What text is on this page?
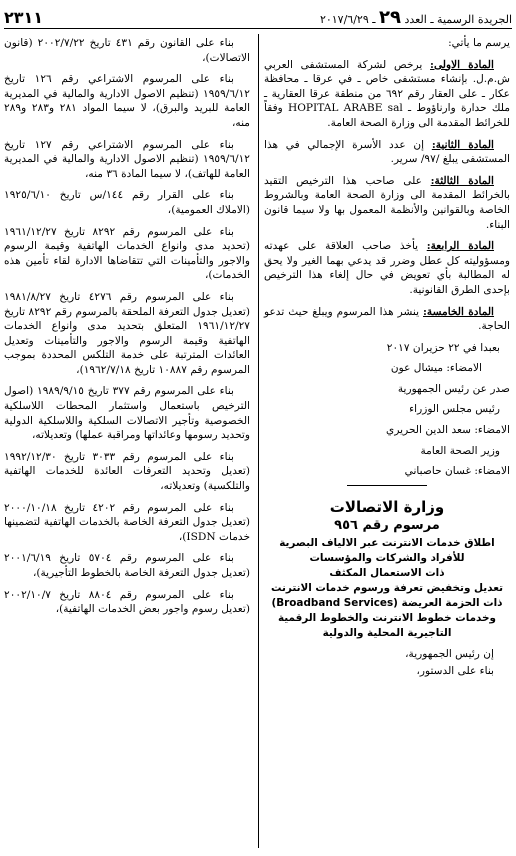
الجريدة الرسمية ـ العدد ٢٩ ـ ٢٠١٧/٦/٢٩
٢٣١١

يرسم ما يأتي:

المادة الاولى: يرخص لشركة المستشفى العربي ش.م.ل. بإنشاء مستشفى خاص ـ في عرقا ـ محافظة عكار ـ على العقار رقم ٦٩٢ من منطقة عرقا العقارية ـ ملك حدارة وارناؤوط ـ HOPITAL ARABE sal وفقاً للخرائط المقدمة الى وزارة الصحة العامة.

المادة الثانية: إن عدد الأسرة الإجمالي في هذا المستشفى يبلغ /٩٧/ سرير.

المادة الثالثة: على صاحب هذا الترخيص التقيد بالخرائط المقدمة الى وزارة الصحة العامة وبالشروط الخاصة وبالقوانين والأنظمة المعمول بها ولا سيما قانون البناء.

المادة الرابعة: يأخذ صاحب العلاقة على عهدته ومسؤوليته كل عطل وضرر قد يدعي بهما الغير ولا يحق له المطالبة بأي تعويض في حال إلغاء هذا الترخيص بإحدى الطرق القانونية.

المادة الخامسة: ينشر هذا المرسوم ويبلغ حيث تدعو الحاجة.

بعبدا في ٢٢ حزيران ٢٠١٧
الامضاء: ميشال عون
صدر عن رئيس الجمهورية
رئيس مجلس الوزراء
الامضاء: سعد الدين الحريري
وزير الصحة العامة
الامضاء: غسان حاصباني
وزارة الاتصالات
مرسوم رقم ٩٥٦
اطلاق خدمات الانترنت عبر الالياف البصرية
للأفراد والشركات والمؤسسات
ذات الاستعمال المكثف
تعديل وتخفيض تعرفة ورسوم خدمات الانترنت
ذات الحزمة العريضة (Broadband Services)
وخدمات خطوط الانترنت والخطوط الرقمية
التاجيرية المحلية والدولية

إن رئيس الجمهورية،

بناء على الدستور،

بناء على القانون رقم ٤٣١ تاريخ ٢٠٠٢/٧/٢٢ (قانون الاتصالات)،

بناء على المرسوم الاشتراعي رقم ١٢٦ تاريخ ١٩٥٩/٦/١٢ (تنظيم الاصول الادارية والمالية في المديرية العامة للبريد والبرق)، لا سيما المواد ٢٨١ و٢٨٣ و٢٨٩ منه،

بناء على المرسوم الاشتراعي رقم ١٢٧ تاريخ ١٩٥٩/٦/١٢ (تنظيم الاصول الادارية والمالية في المديرية العامة للهاتف)، لا سيما المادة ٣٦ منه،

بناء على القرار رقم ١٤٤/س تاريخ ١٩٢٥/٦/١٠ (الاملاك العمومية)،

بناء على المرسوم رقم ٨٢٩٢ تاريخ ١٩٦١/١٢/٢٧ (تحديد مدى وانواع الخدمات الهاتفية وقيمة الرسوم والاجور والتأمينات التي تتقاضاها الادارة لقاء تأمين هذه الخدمات)،

بناء على المرسوم رقم ٤٢٧٦ تاريخ ١٩٨١/٨/٢٧ (تعديل جدول التعرفة الملحقة بالمرسوم رقم ٨٢٩٢ تاريخ ١٩٦١/١٢/٢٧ المتعلق بتحديد مدى وانواع الخدمات الهاتفية وقيمة الرسوم والاجور والتأمينات وتعديل العائدات المترتبة على خدمة التلكس المحددة بموجب المرسوم رقم ١٠٨٨٧ تاريخ ١٩٦٢/٧/١٨)،

بناء على المرسوم رقم ٣٧٧ تاريخ ١٩٨٩/٩/١٥ (اصول الترخيص باستعمال واستثمار المحطات اللاسلكية الخصوصية وتأجير الاتصالات السلكية واللاسلكية الدولية وتحديد رسومها وعائداتها ومراقبة عملها) وتعديلاته،

بناء على المرسوم رقم ٣٠٣٣ تاريخ ١٩٩٢/١٢/٣٠ (تعديل وتحديد التعرفات العائدة للخدمات الهاتفية والتلكسية) وتعديلاته،

بناء على المرسوم رقم ٤٢٠٢ تاريخ ٢٠٠٠/١٠/١٨ (تعديل جدول التعرفة الخاصة بالخدمات الهاتفية لتضمينها خدمات ISDN)،

بناء على المرسوم رقم ٥٧٠٤ تاريخ ٢٠٠١/٦/١٩ (تعديل جدول التعرفة الخاصة بالخطوط التأجيرية)،

بناء على المرسوم رقم ٨٨٠٤ تاريخ ٢٠٠٢/١٠/٧ (تعديل رسوم واجور بعض الخدمات الهاتفية)،
